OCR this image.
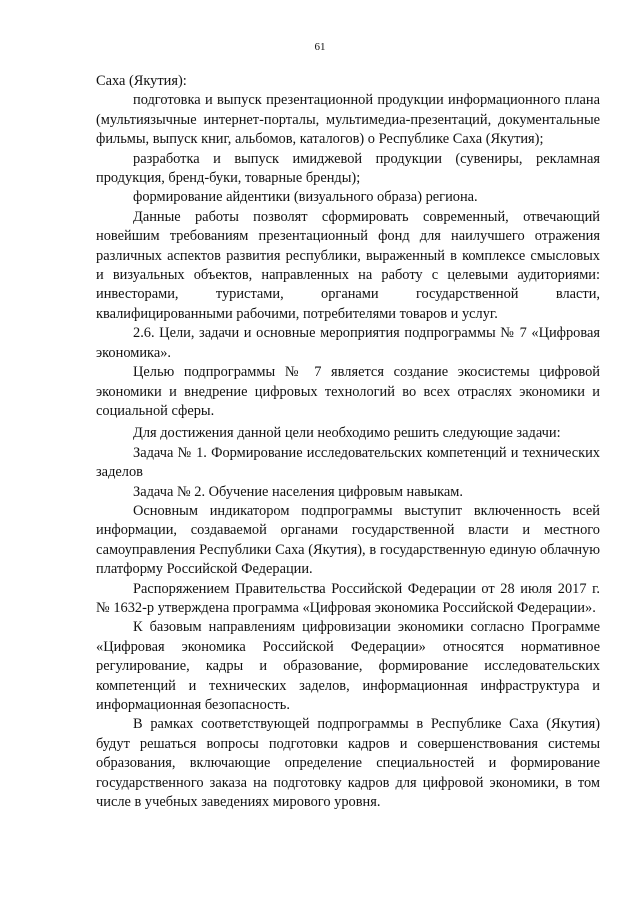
61

Саха (Якутия):

подготовка и выпуск презентационной продукции информационного плана (мультиязычные интернет-порталы, мультимедиа-презентаций, документальные фильмы, выпуск книг, альбомов, каталогов) о Республике Саха (Якутия);

разработка и выпуск имиджевой продукции (сувениры, рекламная продукция, бренд-буки, товарные бренды);

формирование айдентики (визуального образа) региона.

Данные работы позволят сформировать современный, отвечающий новейшим требованиям презентационный фонд для наилучшего отражения различных аспектов развития республики, выраженный в комплексе смысловых и визуальных объектов, направленных на работу с целевыми аудиториями: инвесторами, туристами, органами государственной власти, квалифицированными рабочими, потребителями товаров и услуг.

2.6. Цели, задачи и основные мероприятия подпрограммы № 7 «Цифровая экономика».

Целью подпрограммы № 7 является создание экосистемы цифровой экономики и внедрение цифровых технологий во всех отраслях экономики и социальной сферы.

Для достижения данной цели необходимо решить следующие задачи:

Задача № 1. Формирование исследовательских компетенций и технических заделов

Задача № 2. Обучение населения цифровым навыкам.

Основным индикатором подпрограммы выступит включенность всей информации, создаваемой органами государственной власти и местного самоуправления Республики Саха (Якутия), в государственную единую облачную платформу Российской Федерации.

Распоряжением Правительства Российской Федерации от 28 июля 2017 г. № 1632-р утверждена программа «Цифровая экономика Российской Федерации».

К базовым направлениям цифровизации экономики согласно Программе «Цифровая экономика Российской Федерации» относятся нормативное регулирование, кадры и образование, формирование исследовательских компетенций и технических заделов, информационная инфраструктура и информационная безопасность.

В рамках соответствующей подпрограммы в Республике Саха (Якутия) будут решаться вопросы подготовки кадров и совершенствования системы образования, включающие определение специальностей и формирование государственного заказа на подготовку кадров для цифровой экономики, в том числе в учебных заведениях мирового уровня.
